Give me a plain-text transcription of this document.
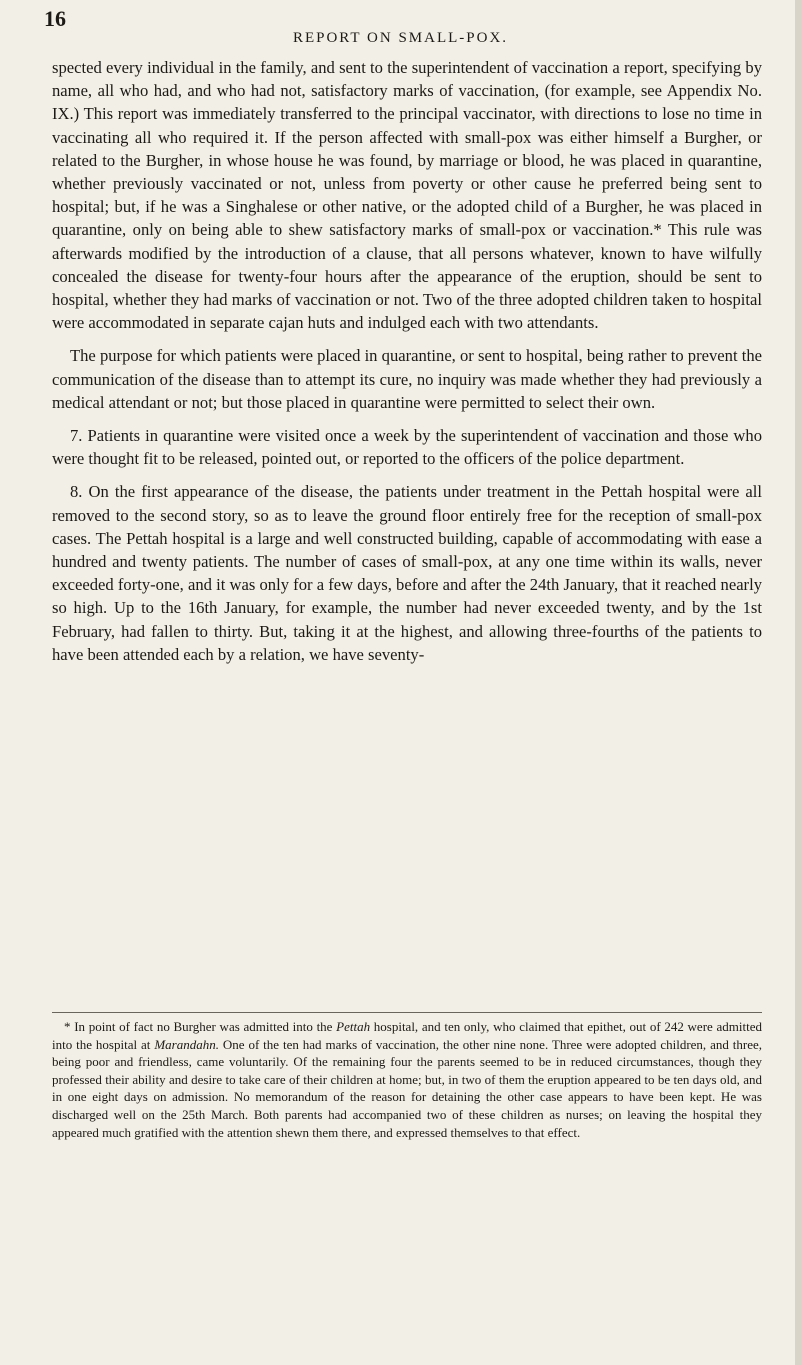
16
REPORT ON SMALL-POX.

spected every individual in the family, and sent to the superintendent of vaccination a report, specifying by name, all who had, and who had not, satisfactory marks of vaccination, (for example, see Appendix No. IX.) This report was immediately transferred to the principal vaccinator, with directions to lose no time in vaccinating all who required it. If the person affected with small-pox was either himself a Burgher, or related to the Burgher, in whose house he was found, by marriage or blood, he was placed in quarantine, whether previously vaccinated or not, unless from poverty or other cause he preferred being sent to hospital; but, if he was a Singhalese or other native, or the adopted child of a Burgher, he was placed in quarantine, only on being able to shew satisfactory marks of small-pox or vaccination.* This rule was afterwards modified by the introduction of a clause, that all persons whatever, known to have wilfully concealed the disease for twenty-four hours after the appearance of the eruption, should be sent to hospital, whether they had marks of vaccination or not. Two of the three adopted children taken to hospital were accommodated in separate cajan huts and indulged each with two attendants.

The purpose for which patients were placed in quarantine, or sent to hospital, being rather to prevent the communication of the disease than to attempt its cure, no inquiry was made whether they had previously a medical attendant or not; but those placed in quarantine were permitted to select their own.

7. Patients in quarantine were visited once a week by the superintendent of vaccination and those who were thought fit to be released, pointed out, or reported to the officers of the police department.

8. On the first appearance of the disease, the patients under treatment in the Pettah hospital were all removed to the second story, so as to leave the ground floor entirely free for the reception of small-pox cases. The Pettah hospital is a large and well constructed building, capable of accommodating with ease a hundred and twenty patients. The number of cases of small-pox, at any one time within its walls, never exceeded forty-one, and it was only for a few days, before and after the 24th January, that it reached nearly so high. Up to the 16th January, for example, the number had never exceeded twenty, and by the 1st February, had fallen to thirty. But, taking it at the highest, and allowing three-fourths of the patients to have been attended each by a relation, we have seventy-

* In point of fact no Burgher was admitted into the Pettah hospital, and ten only, who claimed that epithet, out of 242 were admitted into the hospital at Marandahn. One of the ten had marks of vaccination, the other nine none. Three were adopted children, and three, being poor and friendless, came voluntarily. Of the remaining four the parents seemed to be in reduced circumstances, though they professed their ability and desire to take care of their children at home; but, in two of them the eruption appeared to be ten days old, and in one eight days on admission. No memorandum of the reason for detaining the other case appears to have been kept. He was discharged well on the 25th March. Both parents had accompanied two of these children as nurses; on leaving the hospital they appeared much gratified with the attention shewn them there, and expressed themselves to that effect.
